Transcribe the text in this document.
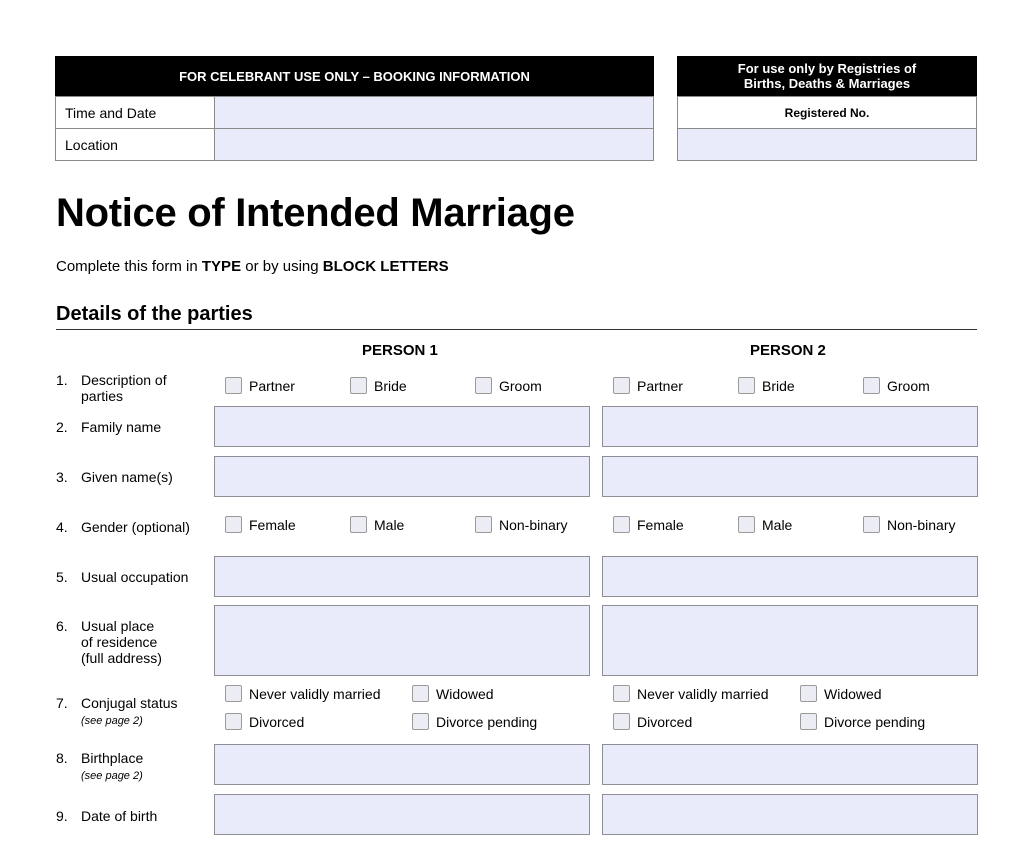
FOR CELEBRANT USE ONLY – BOOKING INFORMATION
Time and Date
Location
For use only by Registries of
Births, Deaths & Marriages
Registered No.
Notice of Intended Marriage
Complete this form in TYPE or by using BLOCK LETTERS
Details of the parties
PERSON 1	PERSON 2
1. Description of
parties
Partner	Bride	Groom	Partner	Bride	Groom
2. Family name
3. Given name(s)
4. Gender (optional)	Female	Male	Non-binary	Female	Male	Non-binary
5. Usual occupation
6. Usual place
of residence
(full address)
7. Conjugal status
(see page 2)
Never validly married	Widowed
Divorced	Divorce pending
Never validly married	Widowed
Divorced	Divorce pending
8. Birthplace
(see page 2)
9. Date of birth
